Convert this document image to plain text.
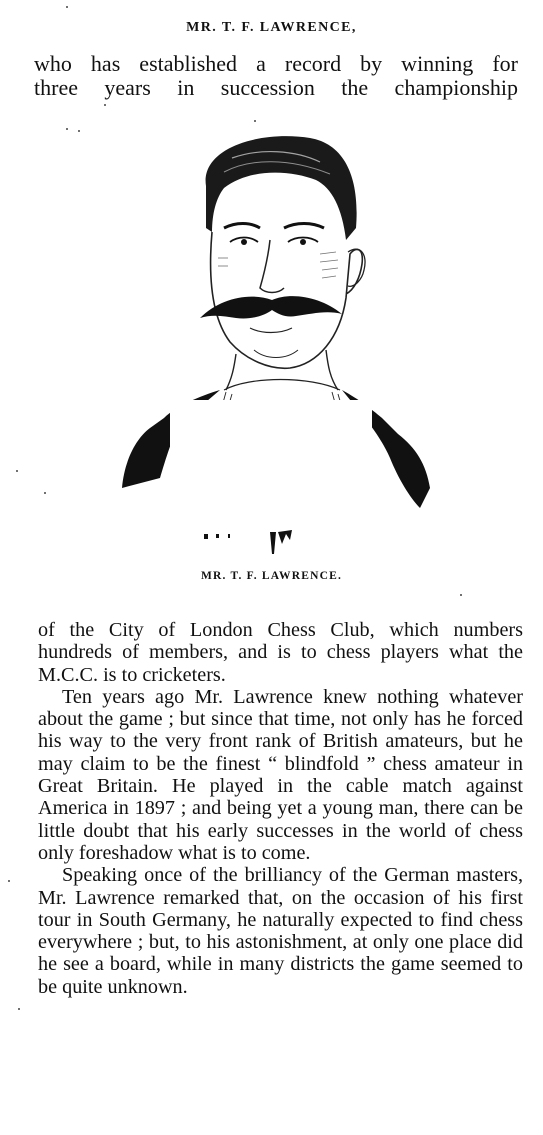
MR. T. F. LAWRENCE,

who has established a record by winning for

three years in succession the championship

MR. T. F. LAWRENCE.

of the City of London Chess Club, which numbers hundreds of members, and is to chess players what the M.C.C. is to cricketers.

Ten years ago Mr. Lawrence knew nothing whatever about the game ; but since that time, not only has he forced his way to the very front rank of British amateurs, but he may claim to be the finest “ blindfold ” chess amateur in Great Britain. He played in the cable match against America in 1897 ; and being yet a young man, there can be little doubt that his early successes in the world of chess only foreshadow what is to come.

Speaking once of the brilliancy of the German masters, Mr. Lawrence remarked that, on the occasion of his first tour in South Germany, he naturally expected to find chess everywhere ; but, to his astonishment, at only one place did he see a board, while in many districts the game seemed to be quite unknown.
